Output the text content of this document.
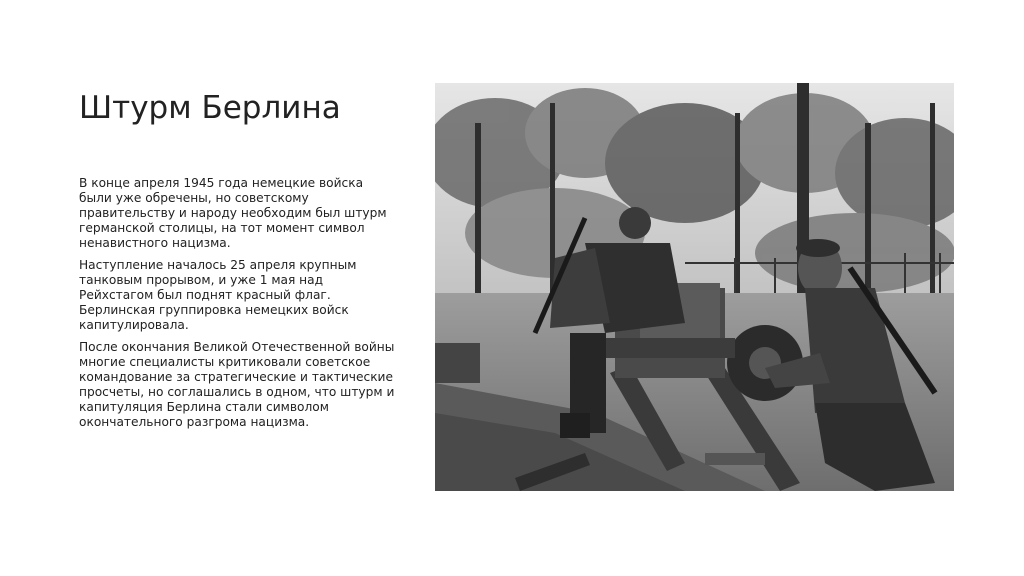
Штурм Берлина

В конце апреля 1945 года немецкие войска были уже обречены, но советскому правительству и народу необходим был штурм германской столицы, на тот момент символ ненавистного нацизма.

Наступление началось 25 апреля крупным танковым прорывом, и уже 1 мая над Рейхстагом был поднят красный флаг. Берлинская группировка немецких войск капитулировала.

После окончания Великой Отечественной войны многие специалисты критиковали советское командование за стратегические и тактические просчеты, но соглашались в одном, что штурм и капитуляция Берлина стали символом окончательного разгрома нацизма.
